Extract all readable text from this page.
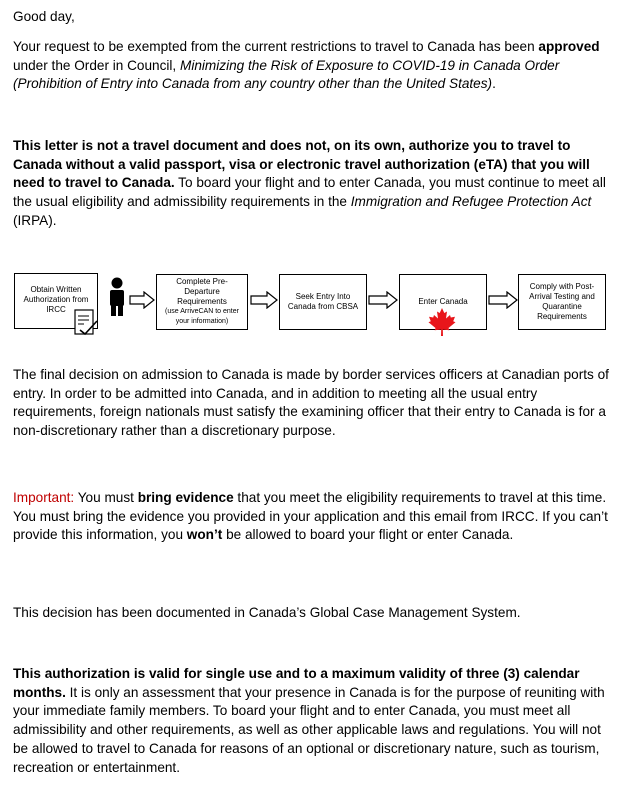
Good day,

Your request to be exempted from the current restrictions to travel to Canada has been approved under the Order in Council, Minimizing the Risk of Exposure to COVID-19 in Canada Order (Prohibition of Entry into Canada from any country other than the United States).

This letter is not a travel document and does not, on its own, authorize you to travel to Canada without a valid passport, visa or electronic travel authorization (eTA) that you will need to travel to Canada. To board your flight and to enter Canada, you must continue to meet all the usual eligibility and admissibility requirements in the Immigration and Refugee Protection Act (IRPA).

Obtain Written
Authorization from
IRCC
Complete Pre-
Departure
Requirements
(use ArriveCAN to enter
your information)
Seek Entry Into
Canada from CBSA
Enter Canada
Comply with Post-
Arrival Testing and
Quarantine
Requirements

The final decision on admission to Canada is made by border services officers at Canadian ports of entry. In order to be admitted into Canada, and in addition to meeting all the usual entry requirements, foreign nationals must satisfy the examining officer that their entry to Canada is for a non-discretionary rather than a discretionary purpose.

Important: You must bring evidence that you meet the eligibility requirements to travel at this time. You must bring the evidence you provided in your application and this email from IRCC. If you can’t provide this information, you won’t be allowed to board your flight or enter Canada.

This decision has been documented in Canada’s Global Case Management System.

This authorization is valid for single use and to a maximum validity of three (3) calendar months. It is only an assessment that your presence in Canada is for the purpose of reuniting with your immediate family members. To board your flight and to enter Canada, you must meet all admissibility and other requirements, as well as other applicable laws and regulations. You will not be allowed to travel to Canada for reasons of an optional or discretionary nature, such as tourism, recreation or entertainment.
